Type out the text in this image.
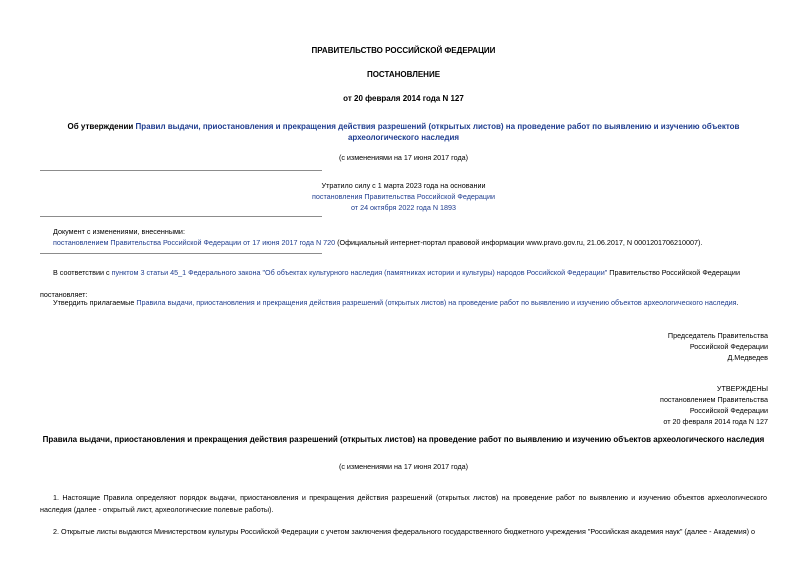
ПРАВИТЕЛЬСТВО РОССИЙСКОЙ ФЕДЕРАЦИИ
ПОСТАНОВЛЕНИЕ
от 20 февраля 2014 года N 127
Об утверждении Правил выдачи, приостановления и прекращения действия разрешений (открытых листов) на проведение работ по выявлению и изучению объектов археологического наследия
(с изменениями на 17 июня 2017 года)
Утратило силу с 1 марта 2023 года на основании
постановления Правительства Российской Федерации
от 24 октября 2022 года N 1893
Документ с изменениями, внесенными:
постановлением Правительства Российской Федерации от 17 июня 2017 года N 720 (Официальный интернет-портал правовой информации www.pravo.gov.ru, 21.06.2017, N 0001201706210007).
В соответствии с пунктом 3 статьи 45_1 Федерального закона "Об объектах культурного наследия (памятниках истории и культуры) народов Российской Федерации" Правительство Российской Федерации
постановляет:
Утвердить прилагаемые Правила выдачи, приостановления и прекращения действия разрешений (открытых листов) на проведение работ по выявлению и изучению объектов археологического наследия.
Председатель Правительства
Российской Федерации
Д.Медведев
УТВЕРЖДЕНЫ
постановлением Правительства
Российской Федерации
от 20 февраля 2014 года N 127
Правила выдачи, приостановления и прекращения действия разрешений (открытых листов) на проведение работ по выявлению и изучению объектов археологического наследия
(с изменениями на 17 июня 2017 года)
1. Настоящие Правила определяют порядок выдачи, приостановления и прекращения действия разрешений (открытых листов) на проведение работ по выявлению и изучению объектов археологического наследия (далее - открытый лист, археологические полевые работы).
2. Открытые листы выдаются Министерством культуры Российской Федерации с учетом заключения федерального государственного бюджетного учреждения "Российская академия наук" (далее - Академия) о
